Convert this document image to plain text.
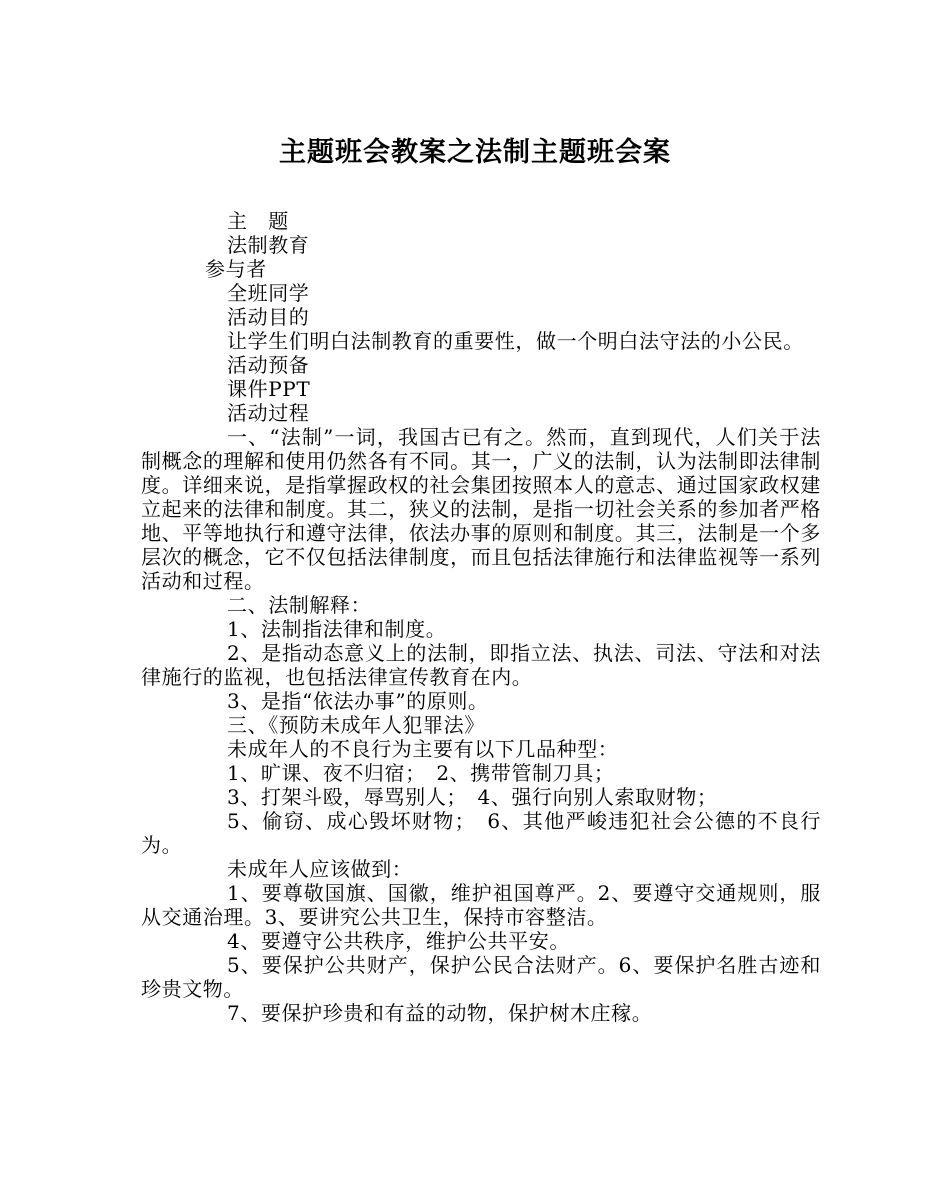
主题班会教案之法制主题班会案

主　题

法制教育

参与者

全班同学

活动目的

让学生们明白法制教育的重要性，做一个明白法守法的小公民。

活动预备

课件PPT

活动过程

一、“法制”一词，我国古已有之。然而，直到现代，人们关于法制概念的理解和使用仍然各有不同。其一，广义的法制，认为法制即法律制度。详细来说，是指掌握政权的社会集团按照本人的意志、通过国家政权建立起来的法律和制度。其二，狭义的法制，是指一切社会关系的参加者严格地、平等地执行和遵守法律，依法办事的原则和制度。其三，法制是一个多层次的概念，它不仅包括法律制度，而且包括法律施行和法律监视等一系列活动和过程。

二、法制解释：

1、法制指法律和制度。

2、是指动态意义上的法制，即指立法、执法、司法、守法和对法律施行的监视，也包括法律宣传教育在内。

3、是指“依法办事”的原则。

三、《预防未成年人犯罪法》

未成年人的不良行为主要有以下几品种型：

1、旷课、夜不归宿；　2、携带管制刀具；

3、打架斗殴，辱骂别人；　4、强行向别人索取财物；

5、偷窃、成心毁坏财物；　6、其他严峻违犯社会公德的不良行为。

未成年人应该做到：

1、要尊敬国旗、国徽，维护祖国尊严。2、要遵守交通规则，服从交通治理。3、要讲究公共卫生，保持市容整洁。

4、要遵守公共秩序，维护公共平安。

5、要保护公共财产，保护公民合法财产。6、要保护名胜古迹和珍贵文物。

7、要保护珍贵和有益的动物，保护树木庄稼。
